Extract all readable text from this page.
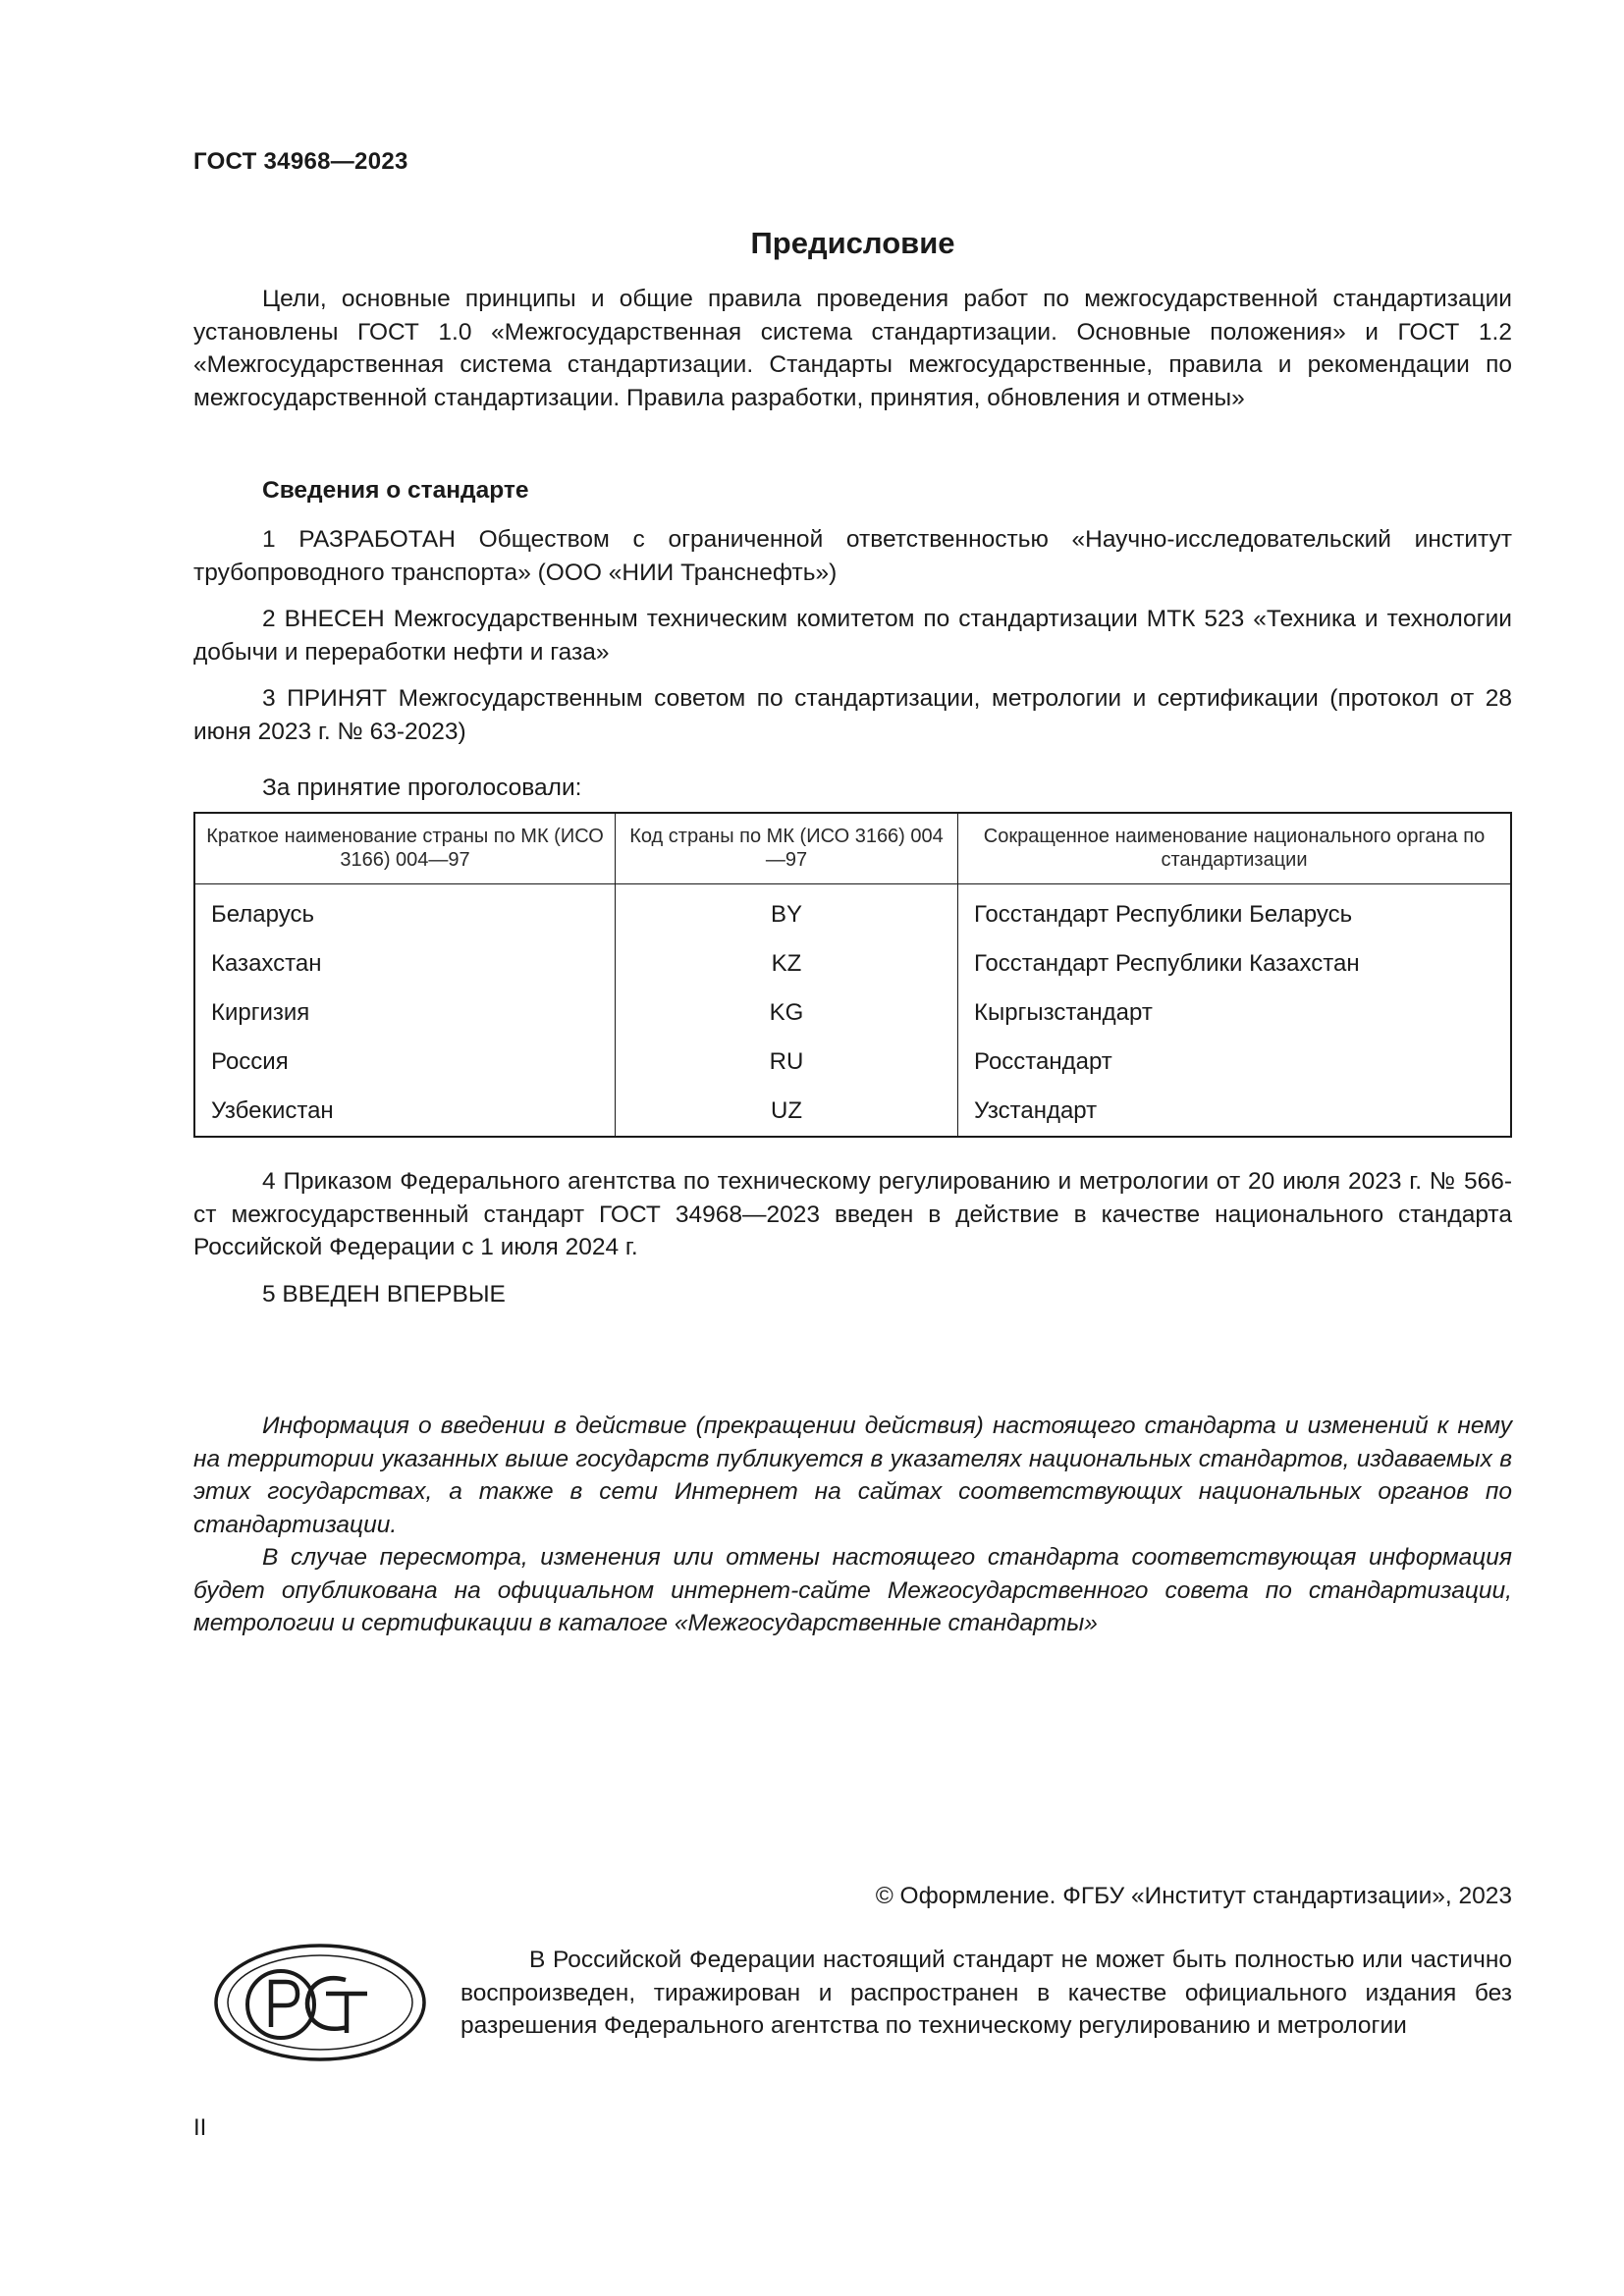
ГОСТ 34968—2023
Предисловие

Цели, основные принципы и общие правила проведения работ по межгосударственной стандартизации установлены ГОСТ 1.0 «Межгосударственная система стандартизации. Основные положения» и ГОСТ 1.2 «Межгосударственная система стандартизации. Стандарты межгосударственные, правила и рекомендации по межгосударственной стандартизации. Правила разработки, принятия, обновления и отмены»

Сведения о стандарте

1 РАЗРАБОТАН Обществом с ограниченной ответственностью «Научно-исследовательский институт трубопроводного транспорта» (ООО «НИИ Транснефть»)

2 ВНЕСЕН Межгосударственным техническим комитетом по стандартизации МТК 523 «Техника и технологии добычи и переработки нефти и газа»

3 ПРИНЯТ Межгосударственным советом по стандартизации, метрологии и сертификации (протокол от 28 июня 2023 г. № 63-2023)

За принятие проголосовали:
Краткое наименование страны по МК (ИСО 3166) 004—97	Код страны по МК (ИСО 3166) 004—97	Сокращенное наименование национального органа по стандартизации
Беларусь	BY	Госстандарт Республики Беларусь
Казахстан	KZ	Госстандарт Республики Казахстан
Киргизия	KG	Кыргызстандарт
Россия	RU	Росстандарт
Узбекистан	UZ	Узстандарт

4 Приказом Федерального агентства по техническому регулированию и метрологии от 20 июля 2023 г. № 566-ст межгосударственный стандарт ГОСТ 34968—2023 введен в действие в качестве национального стандарта Российской Федерации с 1 июля 2024 г.

5 ВВЕДЕН ВПЕРВЫЕ

Информация о введении в действие (прекращении действия) настоящего стандарта и изменений к нему на территории указанных выше государств публикуется в указателях национальных стандартов, издаваемых в этих государствах, а также в сети Интернет на сайтах соответствующих национальных органов по стандартизации.

В случае пересмотра, изменения или отмены настоящего стандарта соответствующая информация будет опубликована на официальном интернет-сайте Межгосударственного совета по стандартизации, метрологии и сертификации в каталоге «Межгосударственные стандарты»

© Оформление. ФГБУ «Институт стандартизации», 2023

В Российской Федерации настоящий стандарт не может быть полностью или частично воспроизведен, тиражирован и распространен в качестве официального издания без разрешения Федерального агентства по техническому регулированию и метрологии

II
